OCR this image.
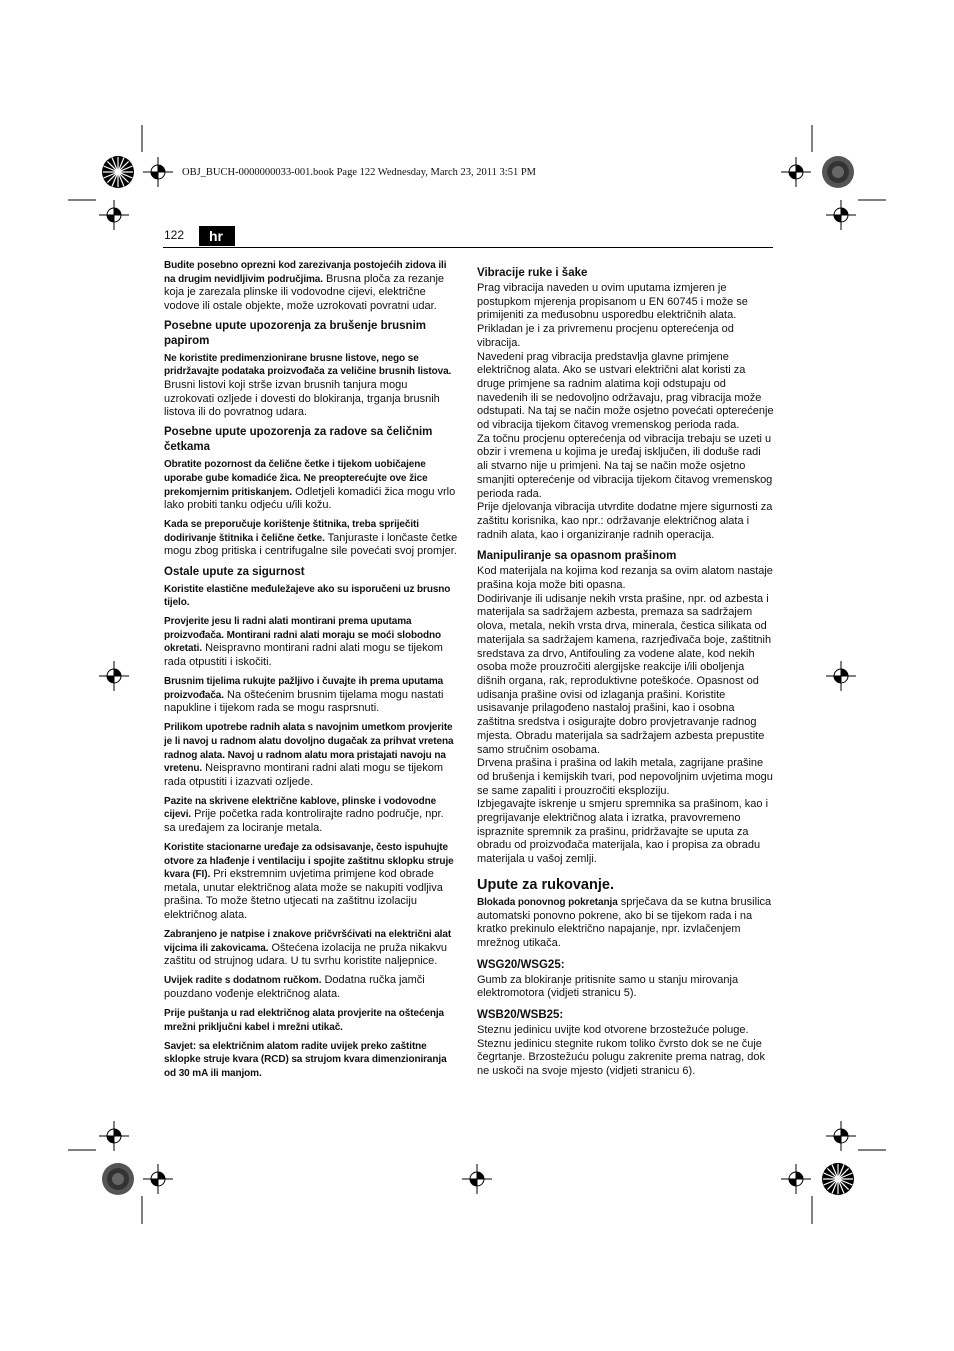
OBJ_BUCH-0000000033-001.book Page 122 Wednesday, March 23, 2011 3:51 PM
122	hr
Budite posebno oprezni kod zarezivanja postojećih zidova ili na drugim nevidljivim područjima. Brusna ploča za rezanje koja je zarezala plinske ili vodovodne cijevi, električne vodove ili ostale objekte, može uzrokovati povratni udar.
Posebne upute upozorenja za brušenje brusnim papirom
Ne koristite predimenzionirane brusne listove, nego se pridržavajte podataka proizvođača za veličine brusnih listova. Brusni listovi koji strše izvan brusnih tanjura mogu uzrokovati ozljede i dovesti do blokiranja, trganja brusnih listova ili do povratnog udara.
Posebne upute upozorenja za radove sa čeličnim četkama
Obratite pozornost da čelične četke i tijekom uobičajene uporabe gube komadiće žica. Ne preopterećujte ove žice prekomjernim pritiskanjem. Odletjeli komadići žica mogu vrlo lako probiti tanku odjeću u/ili kožu.
Kada se preporučuje korištenje štitnika, treba spriječiti dodirivanje štitnika i čelične četke. Tanjuraste i lončaste četke mogu zbog pritiska i centrifugalne sile povećati svoj promjer.
Ostale upute za sigurnost
Koristite elastične međuležajeve ako su isporučeni uz brusno tijelo.
Provjerite jesu li radni alati montirani prema uputama proizvođača. Montirani radni alati moraju se moći slobodno okretati. Neispravno montirani radni alati mogu se tijekom rada otpustiti i iskočiti.
Brusnim tijelima rukujte pažljivo i čuvajte ih prema uputama proizvođača. Na oštećenim brusnim tijelama mogu nastati napukline i tijekom rada se mogu rasprsnuti.
Prilikom upotrebe radnih alata s navojnim umetkom provjerite je li navoj u radnom alatu dovoljno dugačak za prihvat vretena radnog alata. Navoj u radnom alatu mora pristajati navoju na vretenu. Neispravno montirani radni alati mogu se tijekom rada otpustiti i izazvati ozljede.
Pazite na skrivene električne kablove, plinske i vodovodne cijevi. Prije početka rada kontrolirajte radno područje, npr. sa uređajem za lociranje metala.
Koristite stacionarne uređaje za odsisavanje, često ispuhujte otvore za hlađenje i ventilaciju i spojite zaštitnu sklopku struje kvara (FI). Pri ekstremnim uvjetima primjene kod obrade metala, unutar električnog alata može se nakupiti vodljiva prašina. To može štetno utjecati na zaštitnu izolaciju električnog alata.
Zabranjeno je natpise i znakove pričvršćivati na električni alat vijcima ili zakovicama. Oštećena izolacija ne pruža nikakvu zaštitu od strujnog udara. U tu svrhu koristite naljepnice.
Uvijek radite s dodatnom ručkom. Dodatna ručka jamči pouzdano vođenje električnog alata.
Prije puštanja u rad električnog alata provjerite na oštećenja mrežni priključni kabel i mrežni utikač.
Savjet: sa električnim alatom radite uvijek preko zaštitne sklopke struje kvara (RCD) sa strujom kvara dimenzioniranja od 30 mA ili manjom.
Vibracije ruke i šake
Prag vibracija naveden u ovim uputama izmjeren je postupkom mjerenja propisanom u EN 60745 i može se primijeniti za međusobnu usporedbu električnih alata. Prikladan je i za privremenu procjenu opterećenja od vibracija.
Navedeni prag vibracija predstavlja glavne primjene električnog alata. Ako se ustvari električni alat koristi za druge primjene sa radnim alatima koji odstupaju od navedenih ili se nedovoljno održavaju, prag vibracija može odstupati. Na taj se način može osjetno povećati opterećenje od vibracija tijekom čitavog vremenskog perioda rada.
Za točnu procjenu opterećenja od vibracija trebaju se uzeti u obzir i vremena u kojima je uređaj isključen, ili doduše radi ali stvarno nije u primjeni. Na taj se način može osjetno smanjiti opterećenje od vibracija tijekom čitavog vremenskog perioda rada.
Prije djelovanja vibracija utvrdite dodatne mjere sigurnosti za zaštitu korisnika, kao npr.: održavanje električnog alata i radnih alata, kao i organiziranje radnih operacija.
Manipuliranje sa opasnom prašinom
Kod materijala na kojima kod rezanja sa ovim alatom nastaje prašina koja može biti opasna.
Dodirivanje ili udisanje nekih vrsta prašine, npr. od azbesta i materijala sa sadržajem azbesta, premaza sa sadržajem olova, metala, nekih vrsta drva, minerala, čestica silikata od materijala sa sadržajem kamena, razrjeđivača boje, zaštitnih sredstava za drvo, Antifouling za vodene alate, kod nekih osoba može prouzročiti alergijske reakcije i/ili oboljenja dišnih organa, rak, reproduktivne poteškoće. Opasnost od udisanja prašine ovisi od izlaganja prašini. Koristite usisavanje prilagođeno nastaloj prašini, kao i osobna zaštitna sredstva i osigurajte dobro provjetravanje radnog mjesta. Obradu materijala sa sadržajem azbesta prepustite samo stručnim osobama.
Drvena prašina i prašina od lakih metala, zagrijane prašine od brušenja i kemijskih tvari, pod nepovoljnim uvjetima mogu se same zapaliti i prouzročiti eksploziju.
Izbjegavajte iskrenje u smjeru spremnika sa prašinom, kao i pregrijavanje električnog alata i izratka, pravovremeno ispraznite spremnik za prašinu, pridržavajte se uputa za obradu od proizvođača materijala, kao i propisa za obradu materijala u vašoj zemlji.
Upute za rukovanje.
Blokada ponovnog pokretanja sprječava da se kutna brusilica automatski ponovno pokrene, ako bi se tijekom rada i na kratko prekinulo električno napajanje, npr. izvlačenjem mrežnog utikača.
WSG20/WSG25:
Gumb za blokiranje pritisnite samo u stanju mirovanja elektromotora (vidjeti stranicu 5).
WSB20/WSB25:
Steznu jedinicu uvijte kod otvorene brzostežuće poluge. Steznu jedinicu stegnite rukom toliko čvrsto dok se ne čuje čegrtanje. Brzostežuću polugu zakrenite prema natrag, dok ne uskoči na svoje mjesto (vidjeti stranicu 6).
